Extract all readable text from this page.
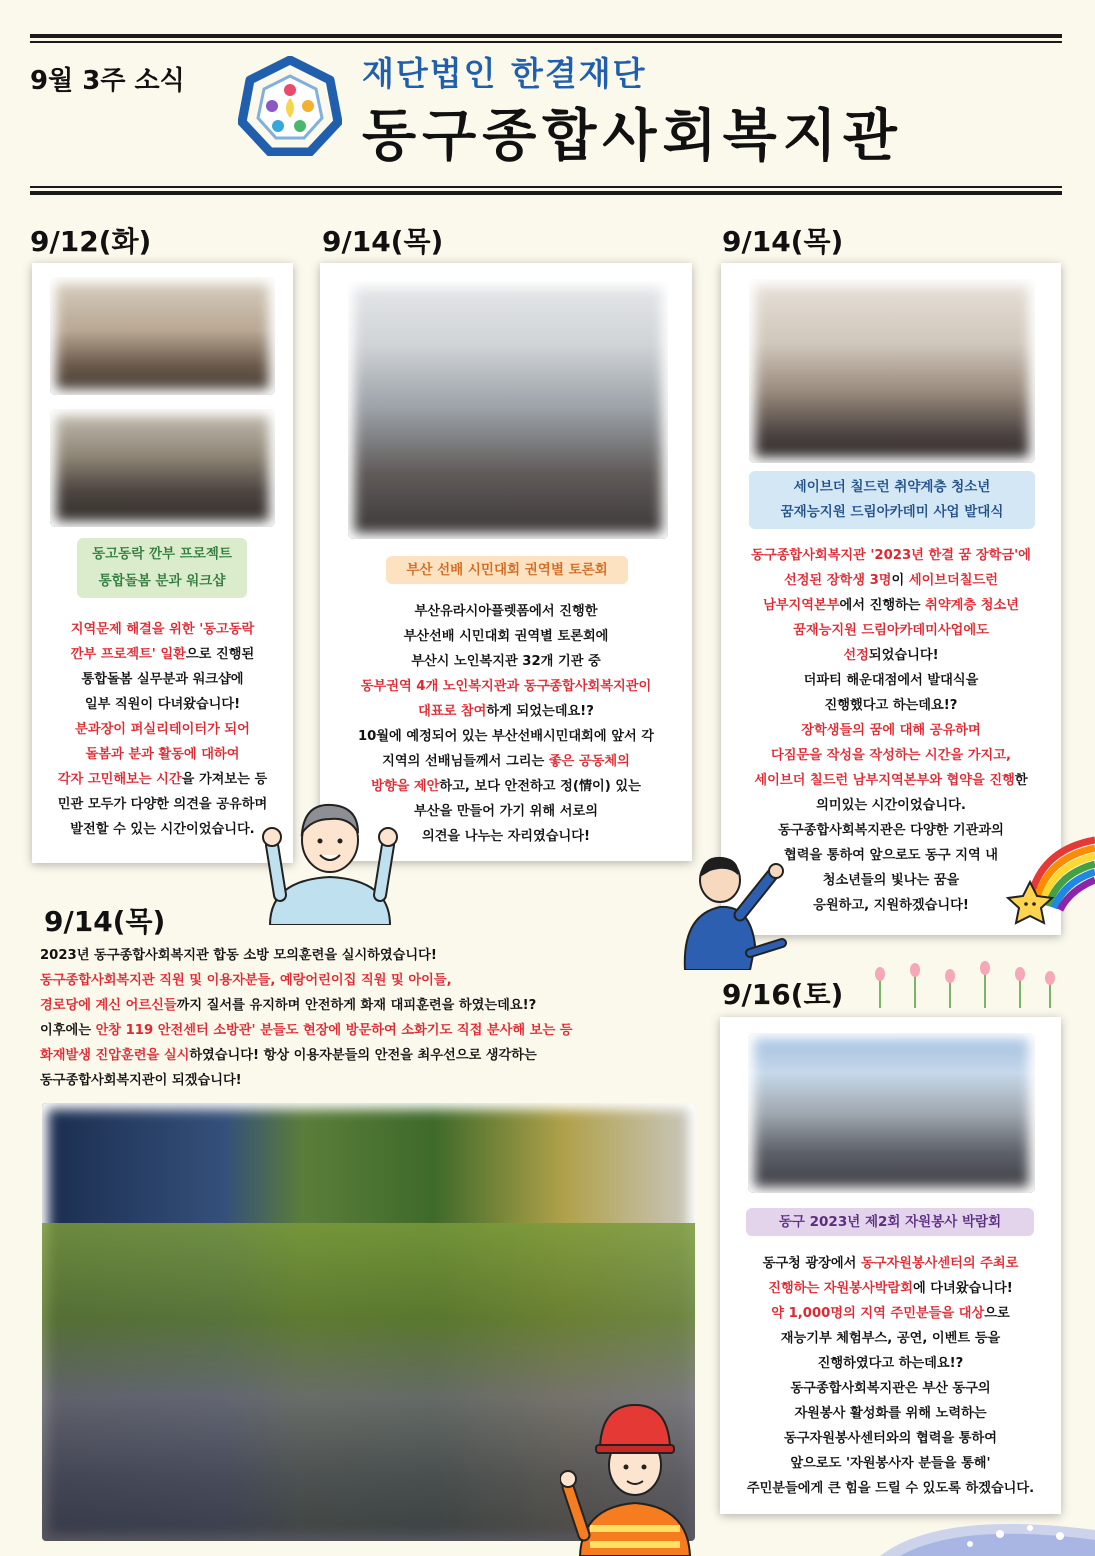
9월 3주 소식	재단법인 한결재단
동구종합사회복지관
9/12(화)
동고동락 깐부 프로젝트
통합돌봄 분과 워크샵
지역문제 해결을 위한 '동고동락
깐부 프로젝트' 일환으로 진행된
통합돌봄 실무분과 워크샵에
일부 직원이 다녀왔습니다!
분과장이 퍼실리테이터가 되어
돌봄과 분과 활동에 대하여
각자 고민해보는 시간을 가져보는 등
민관 모두가 다양한 의견을 공유하며
발전할 수 있는 시간이었습니다.
9/14(목)
부산 선배 시민대회 권역별 토론회
부산유라시아플렛폼에서 진행한
부산선배 시민대회 권역별 토론회에
부산시 노인복지관 32개 기관 중
동부권역 4개 노인복지관과 동구종합사회복지관이
대표로 참여하게 되었는데요!?
10월에 예정되어 있는 부산선배시민대회에 앞서 각
지역의 선배님들께서 그리는 좋은 공동체의
방향을 제안하고, 보다 안전하고 정(情이) 있는
부산을 만들어 가기 위해 서로의
의견을 나누는 자리였습니다!
9/14(목)
세이브더 칠드런 취약계층 청소년
꿈재능지원 드림아카데미 사업 발대식
동구종합사회복지관 '2023년 한결 꿈 장학금'에
선정된 장학생 3명이 세이브더칠드런
남부지역본부에서 진행하는 취약계층 청소년
꿈재능지원 드림아카데미사업에도
선정되었습니다!
더파티 해운대점에서 발대식을
진행했다고 하는데요!?
장학생들의 꿈에 대해 공유하며
다짐문을 작성을 작성하는 시간을 가지고,
세이브더 칠드런 남부지역본부와 협약을 진행한
의미있는 시간이었습니다.
동구종합사회복지관은 다양한 기관과의
협력을 통하여 앞으로도 동구 지역 내
청소년들의 빛나는 꿈을
응원하고, 지원하겠습니다!
9/14(목)
2023년 동구종합사회복지관 합동 소방 모의훈련을 실시하였습니다!
동구종합사회복지관 직원 및 이용자분들, 예랑어린이집 직원 및 아이들,
경로당에 계신 어르신들까지 질서를 유지하며 안전하게 화재 대피훈련을 하였는데요!?
이후에는 안창 119 안전센터 소방관' 분들도 현장에 방문하여 소화기도 직접 분사해 보는 등
화재발생 진압훈련을 실시하였습니다! 항상 이용자분들의 안전을 최우선으로 생각하는
동구종합사회복지관이 되겠습니다!
9/16(토)
동구 2023년 제2회 자원봉사 박람회
동구청 광장에서 동구자원봉사센터의 주최로
진행하는 자원봉사박람회에 다녀왔습니다!
약 1,000명의 지역 주민분들을 대상으로
재능기부 체험부스, 공연, 이벤트 등을
진행하였다고 하는데요!?
동구종합사회복지관은 부산 동구의
자원봉사 활성화를 위해 노력하는
동구자원봉사센터와의 협력을 통하여
앞으로도 '자원봉사자 분들을 통해'
주민분들에게 큰 힘을 드릴 수 있도록 하겠습니다.
